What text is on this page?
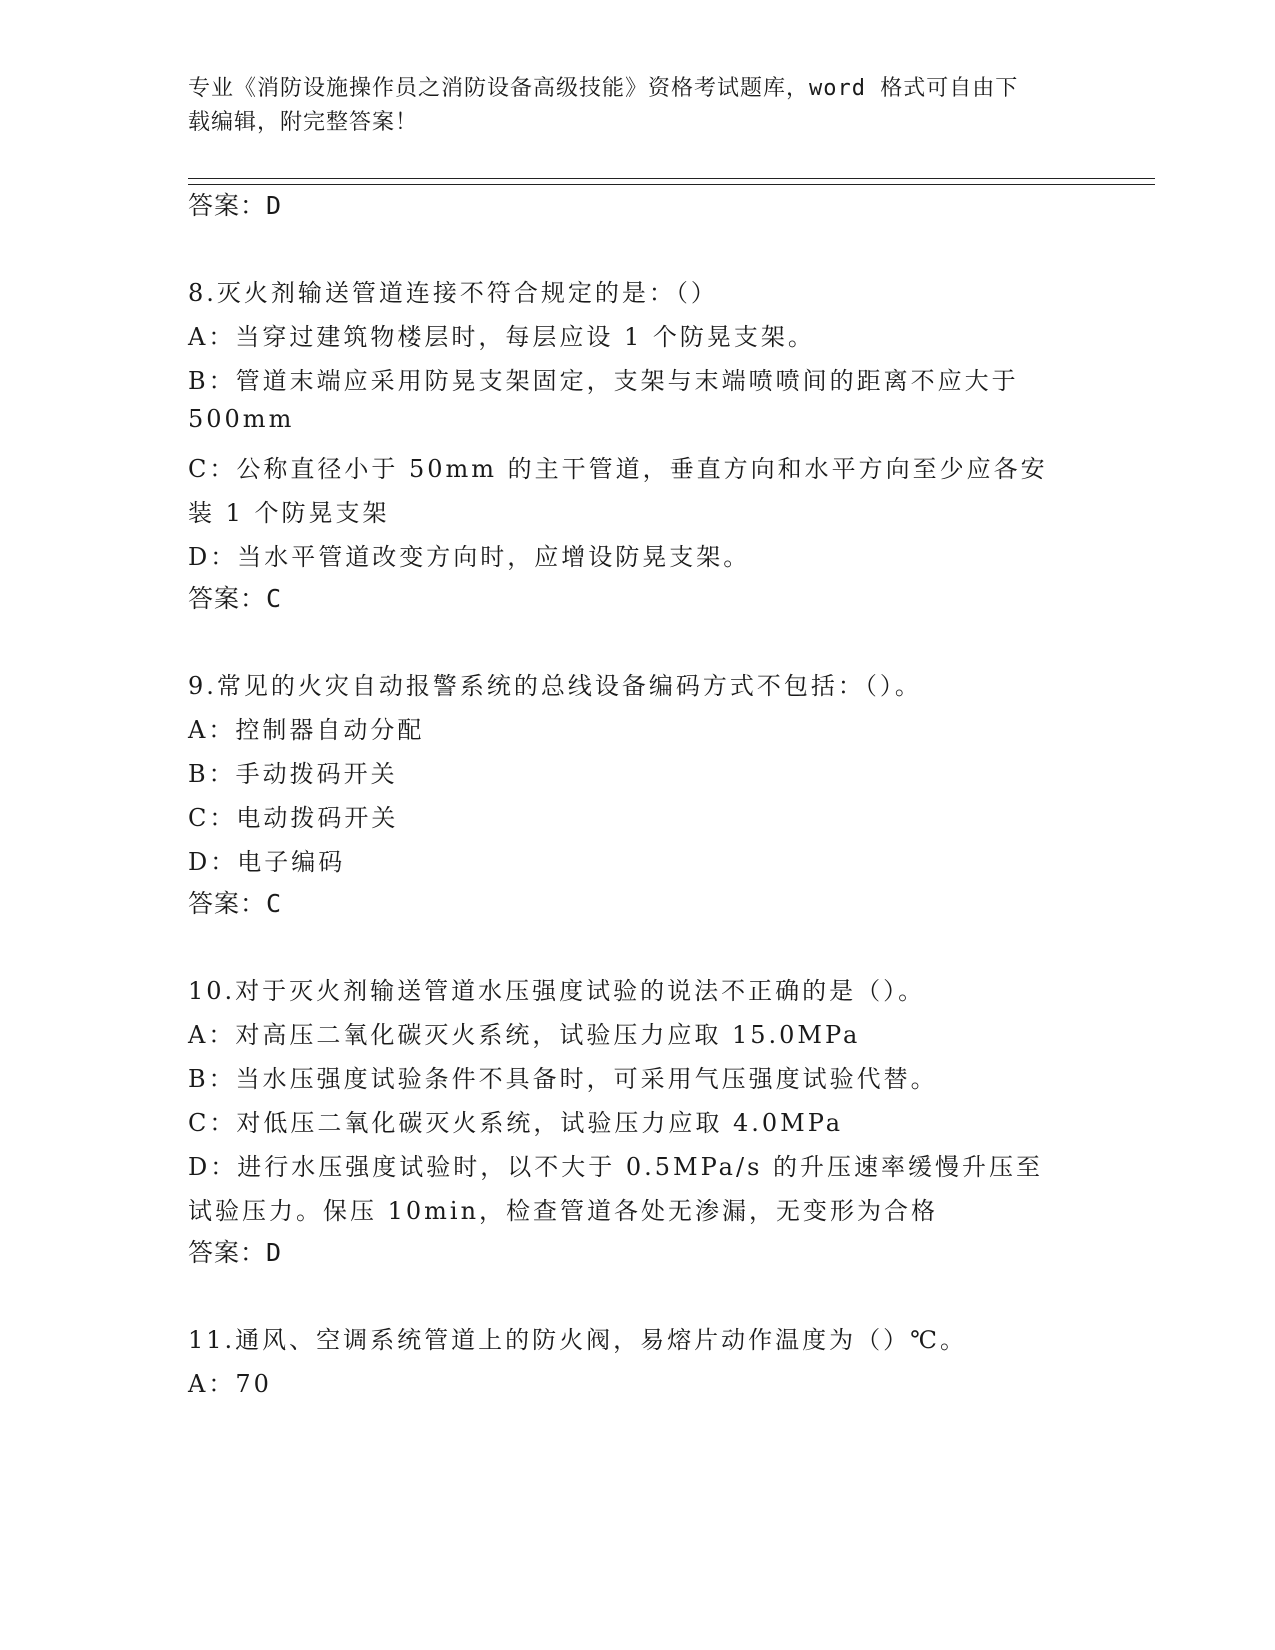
专业《消防设施操作员之消防设备高级技能》资格考试题库，word 格式可自由下
载编辑，附完整答案！
答案：D
8.灭火剂输送管道连接不符合规定的是：（）
A：当穿过建筑物楼层时，每层应设 1 个防晃支架。
B：管道末端应采用防晃支架固定，支架与末端喷喷间的距离不应大于
500mm
C：公称直径小于 50mm 的主干管道，垂直方向和水平方向至少应各安
装 1 个防晃支架
D：当水平管道改变方向时，应增设防晃支架。
答案：C
9.常见的火灾自动报警系统的总线设备编码方式不包括：（）。
A：控制器自动分配
B：手动拨码开关
C：电动拨码开关
D：电子编码
答案：C
10.对于灭火剂输送管道水压强度试验的说法不正确的是（）。
A：对高压二氧化碳灭火系统，试验压力应取 15.0MPa
B：当水压强度试验条件不具备时，可采用气压强度试验代替。
C：对低压二氧化碳灭火系统，试验压力应取 4.0MPa
D：进行水压强度试验时，以不大于 0.5MPa/s 的升压速率缓慢升压至
试验压力。保压 10min，检查管道各处无渗漏，无变形为合格
答案：D
11.通风、空调系统管道上的防火阀，易熔片动作温度为（）℃。
A：70
